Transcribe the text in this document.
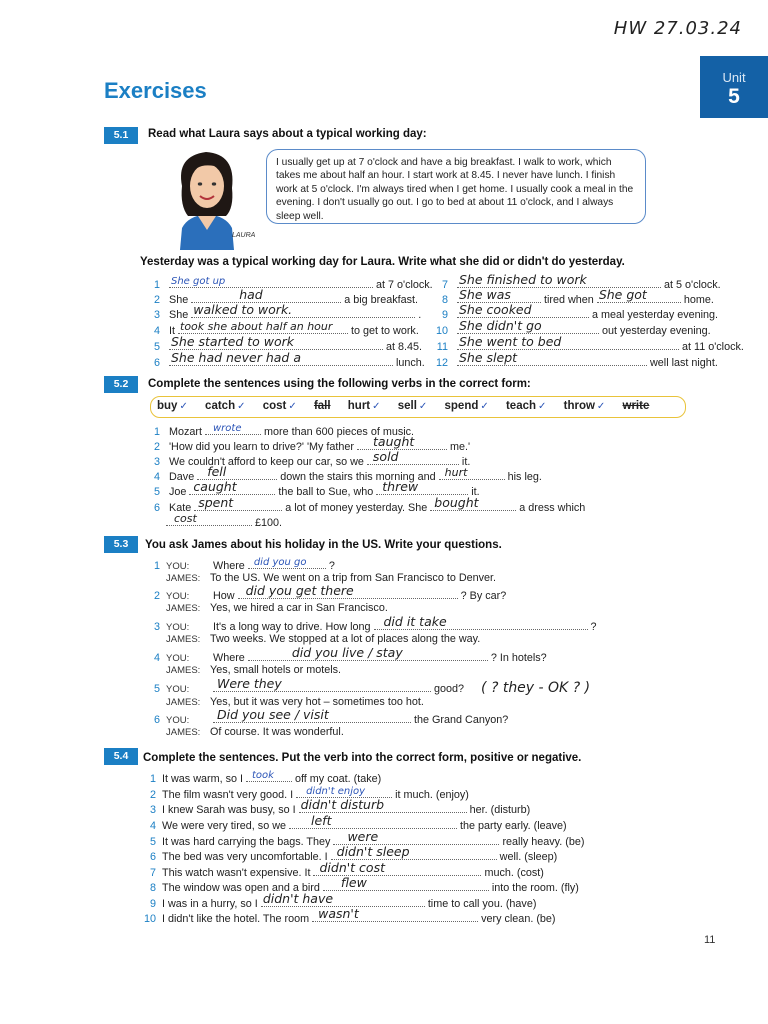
HW 27.03.24
Exercises
Unit
5
5.1	Read what Laura says about a typical working day:
LAURA
I usually get up at 7 o'clock and have a big breakfast. I walk to work, which takes me about half an hour. I start work at 8.45. I never have lunch. I finish work at 5 o'clock. I'm always tired when I get home. I usually cook a meal in the evening. I don't usually go out. I go to bed at about 11 o'clock, and I always sleep well.
Yesterday was a typical working day for Laura. Write what she did or didn't do yesterday.
1 She got up	at 7 o'clock.
2 She	had	a big breakfast.
3 She walked to work.	.
4 It took she about half an hour to get to work.
5 She started to work	at 8.45.
6 She had never had a	lunch.
7 She finished to work	at 5 o'clock.
8 She was	tired when She got	home.
9 She cooked	a meal yesterday evening.
10 She didn't go	out yesterday evening.
11 She went to bed	at 11 o'clock.
12 She slept	well last night.
5.2	Complete the sentences using the following verbs in the correct form:
buy ✓ catch ✓ cost ✓ fall hurt ✓ sell ✓ spend ✓ teach ✓ throw ✓ write
1 Mozart wrote more than 600 pieces of music.
2 'How did you learn to drive?' 'My father taught	me.'
3 We couldn't afford to keep our car, so we sold	it.
4 Dave fell	down the stairs this morning and hurt	his leg.
5 Joe caught	the ball to Sue, who threw	it.
6 Kate spent	a lot of money yesterday. She bought	a dress which
cost	£100.
5.3	You ask James about his holiday in the US. Write your questions.
1 YOU: Where did you go ?
JAMES: To the US. We went on a trip from San Francisco to Denver.
2 YOU: How did you get there	? By car?
JAMES: Yes, we hired a car in San Francisco.
3 YOU: It's a long way to drive. How long did it take	?
JAMES: Two weeks. We stopped at a lot of places along the way.
4 YOU: Where	did you live / stay	? In hotels?
JAMES: Yes, small hotels or motels.
5 YOU: Were they	good? ( ? they - OK ? )
JAMES: Yes, but it was very hot – sometimes too hot.
6 YOU: Did you see / visit	the Grand Canyon?
JAMES: Of course. It was wonderful.
5.4	Complete the sentences. Put the verb into the correct form, positive or negative.
1 It was warm, so I took off my coat. (take)
2 The film wasn't very good. I didn't enjoy	it much. (enjoy)
3 I knew Sarah was busy, so I didn't disturb	her. (disturb)
4 We were very tired, so we left	the party early. (leave)
5 It was hard carrying the bags. They were	really heavy. (be)
6 The bed was very uncomfortable. I didn't sleep	well. (sleep)
7 This watch wasn't expensive. It didn't cost	much. (cost)
8 The window was open and a bird flew	into the room. (fly)
9 I was in a hurry, so I didn't have	time to call you. (have)
10 I didn't like the hotel. The room wasn't	very clean. (be)
11
